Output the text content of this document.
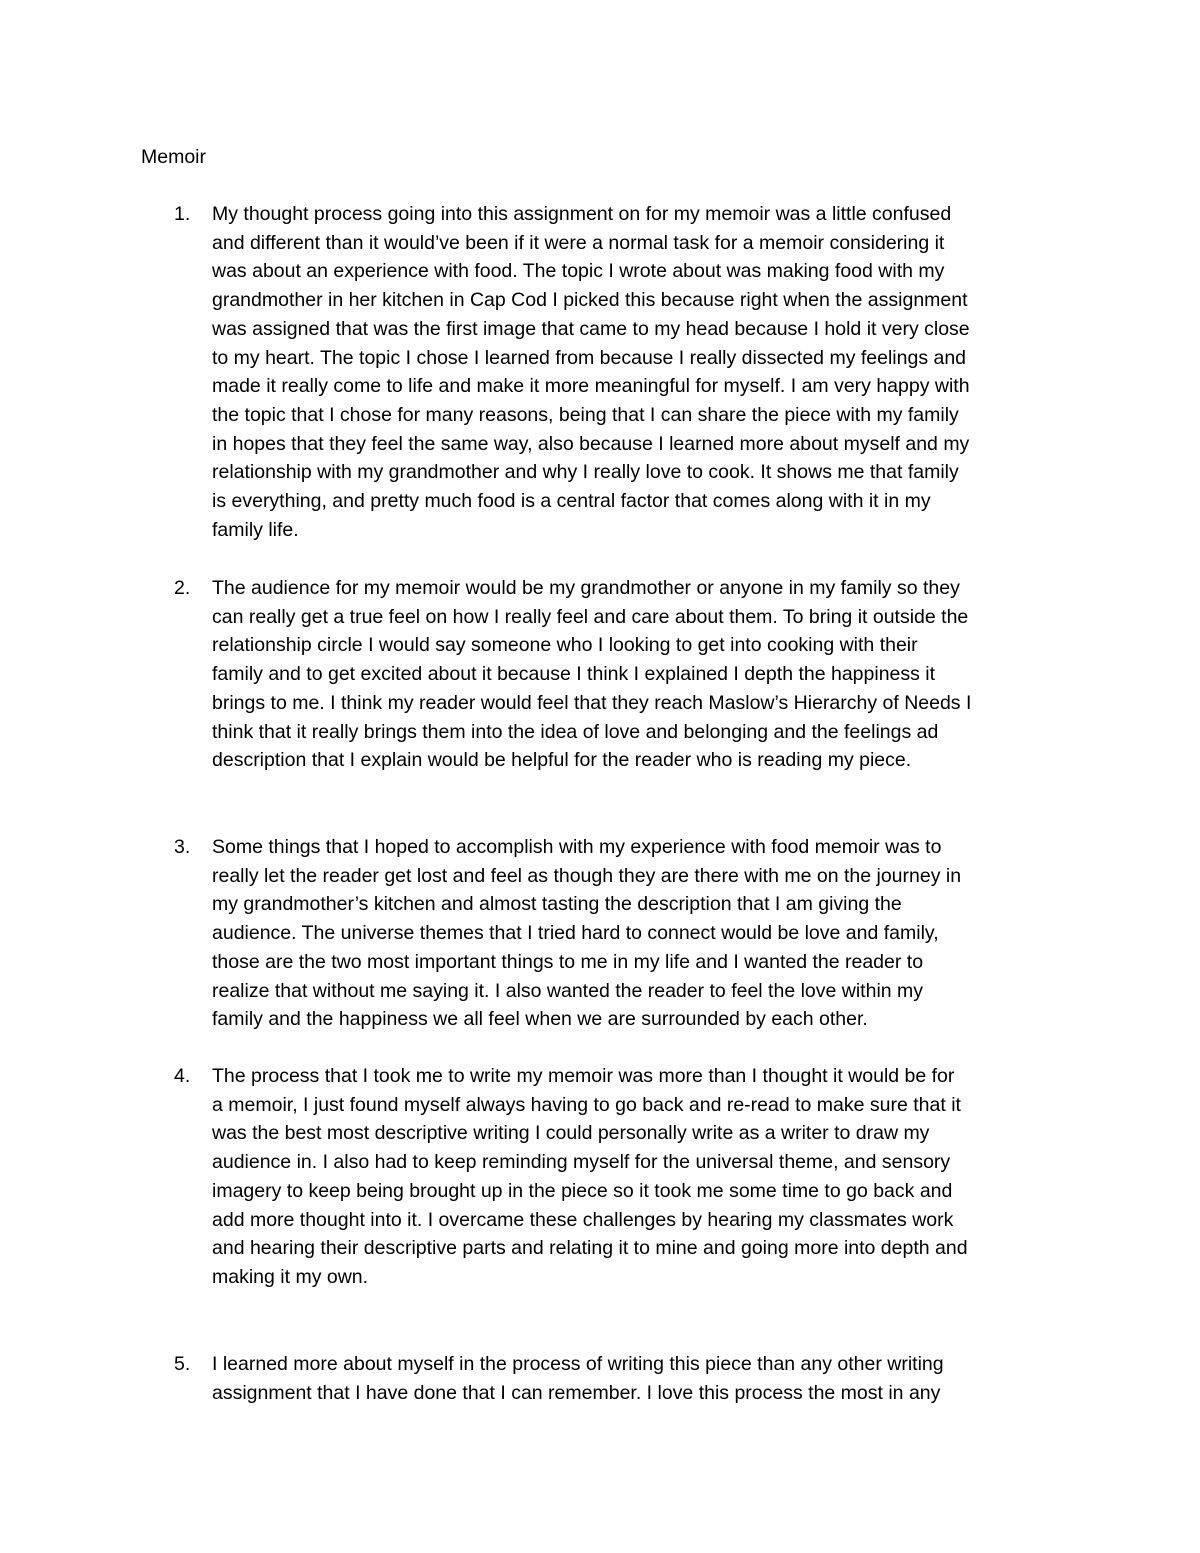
Memoir
1.	My thought process going into this assignment on for my memoir was a little confused
and different than it would’ve been if it were a normal task for a memoir considering it
was about an experience with food. The topic I wrote about was making food with my
grandmother in her kitchen in Cap Cod I picked this because right when the assignment
was assigned that was the first image that came to my head because I hold it very close
to my heart. The topic I chose I learned from because I really dissected my feelings and
made it really come to life and make it more meaningful for myself. I am very happy with
the topic that I chose for many reasons, being that I can share the piece with my family
in hopes that they feel the same way, also because I learned more about myself and my
relationship with my grandmother and why I really love to cook. It shows me that family
is everything, and pretty much food is a central factor that comes along with it in my
family life.

2.	The audience for my memoir would be my grandmother or anyone in my family so they
can really get a true feel on how I really feel and care about them. To bring it outside the
relationship circle I would say someone who I looking to get into cooking with their
family and to get excited about it because I think I explained I depth the happiness it
brings to me. I think my reader would feel that they reach Maslow’s Hierarchy of Needs I
think that it really brings them into the idea of love and belonging and the feelings ad
description that I explain would be helpful for the reader who is reading my piece.

3.	Some things that I hoped to accomplish with my experience with food memoir was to
really let the reader get lost and feel as though they are there with me on the journey in
my grandmother’s kitchen and almost tasting the description that I am giving the
audience. The universe themes that I tried hard to connect would be love and family,
those are the two most important things to me in my life and I wanted the reader to
realize that without me saying it. I also wanted the reader to feel the love within my
family and the happiness we all feel when we are surrounded by each other.

4.	The process that I took me to write my memoir was more than I thought it would be for
a memoir, I just found myself always having to go back and re-read to make sure that it
was the best most descriptive writing I could personally write as a writer to draw my
audience in. I also had to keep reminding myself for the universal theme, and sensory
imagery to keep being brought up in the piece so it took me some time to go back and
add more thought into it. I overcame these challenges by hearing my classmates work
and hearing their descriptive parts and relating it to mine and going more into depth and
making it my own.

5.	I learned more about myself in the process of writing this piece than any other writing
assignment that I have done that I can remember. I love this process the most in any
